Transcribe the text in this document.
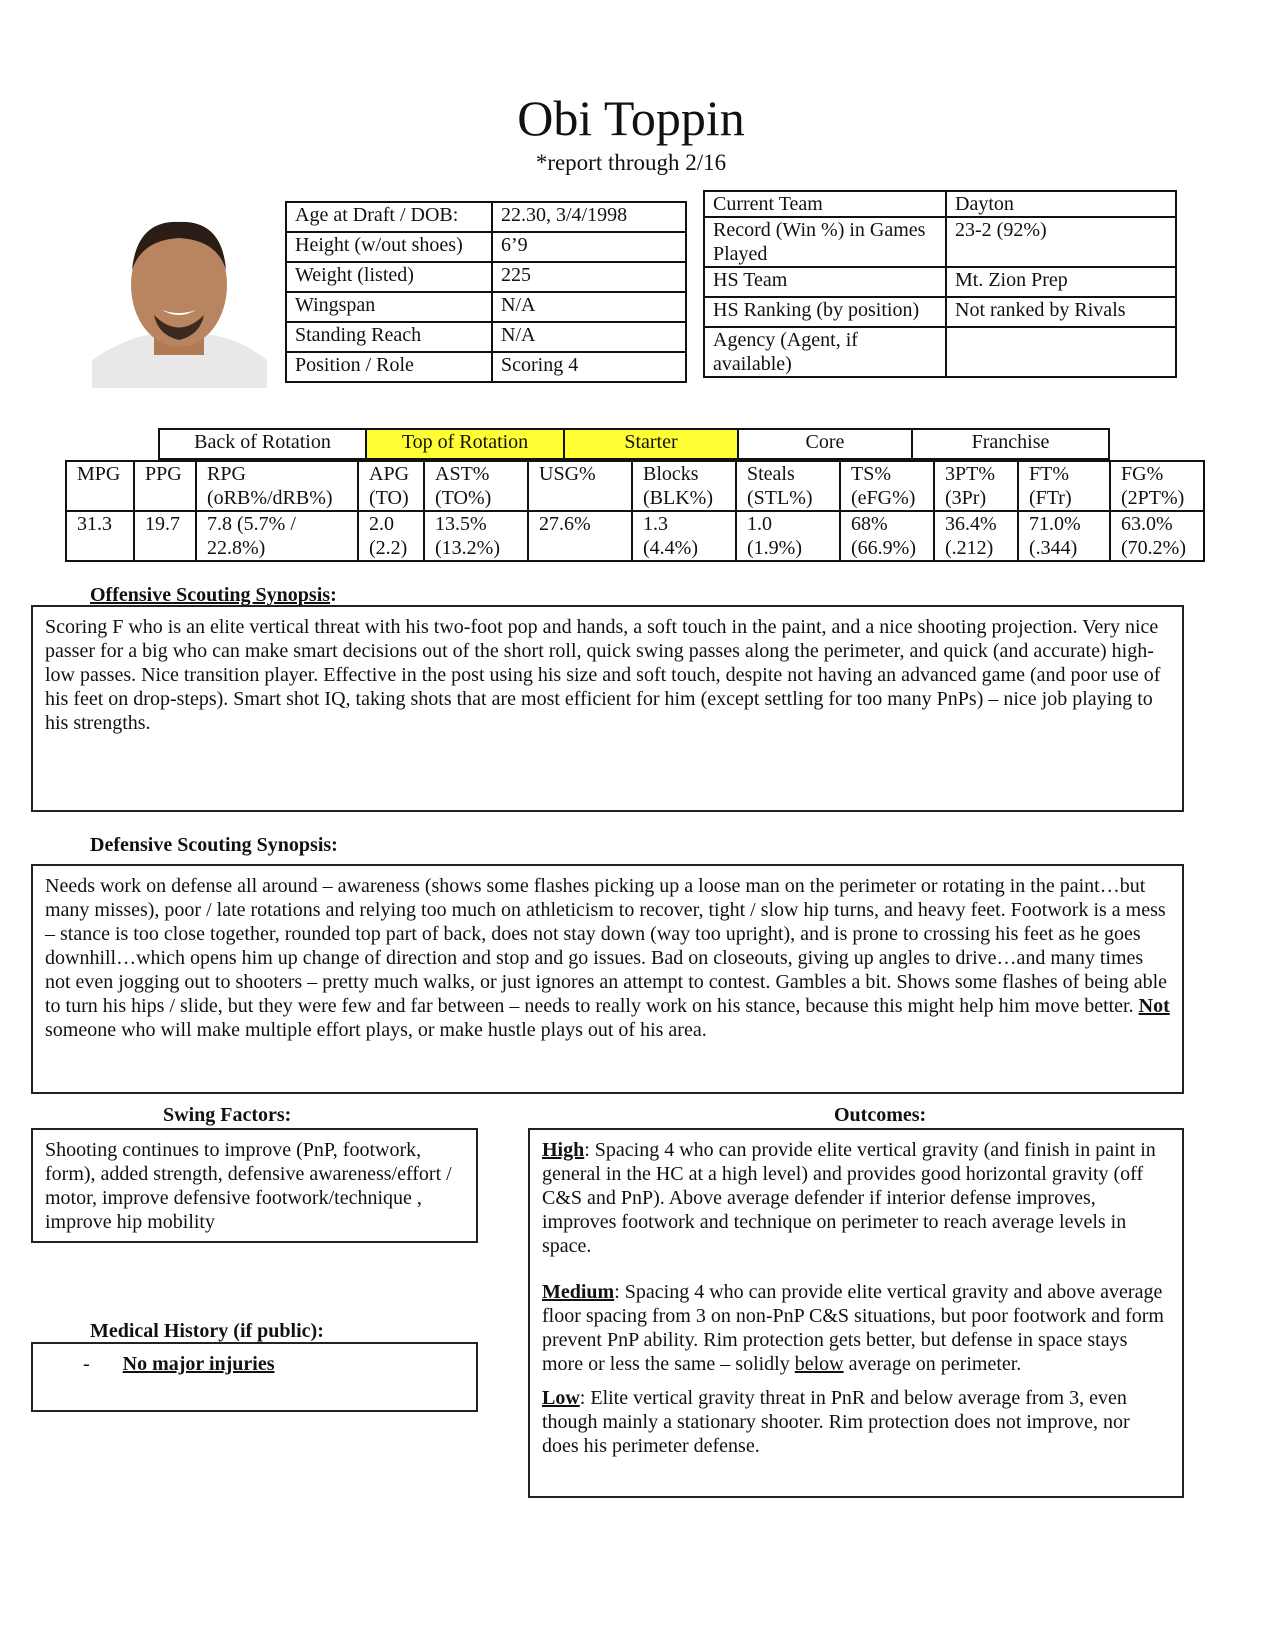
Obi Toppin
*report through 2/16
Age at Draft / DOB:	22.30, 3/4/1998
Height (w/out shoes)	6’9
Weight (listed)	225
Wingspan	N/A
Standing Reach	N/A
Position / Role	Scoring 4
Current Team	Dayton
Record (Win %) in Games Played	23-2 (92%)
HS Team	Mt. Zion Prep
HS Ranking (by position)	Not ranked by Rivals
Agency (Agent, if available)	
Back of Rotation	Top of Rotation	Starter	Core	Franchise
MPG	PPG	RPG (oRB%/dRB%)	APG (TO)	AST% (TO%)	USG%	Blocks (BLK%)	Steals (STL%)	TS% (eFG%)	3PT% (3Pr)	FT% (FTr)	FG% (2PT%)
31.3	19.7	7.8 (5.7% / 22.8%)	2.0 (2.2)	13.5% (13.2%)	27.6%	1.3 (4.4%)	1.0 (1.9%)	68% (66.9%)	36.4% (.212)	71.0% (.344)	63.0% (70.2%)
Offensive Scouting Synopsis:

Scoring F who is an elite vertical threat with his two-foot pop and hands, a soft touch in the paint, and a nice shooting projection. Very nice passer for a big who can make smart decisions out of the short roll, quick swing passes along the perimeter, and quick (and accurate) high-low passes. Nice transition player. Effective in the post using his size and soft touch, despite not having an advanced game (and poor use of his feet on drop-steps). Smart shot IQ, taking shots that are most efficient for him (except settling for too many PnPs) – nice job playing to his strengths.

Defensive Scouting Synopsis:
Needs work on defense all around – awareness (shows some flashes picking up a loose man on the perimeter or rotating in the paint…but many misses), poor / late rotations and relying too much on athleticism to recover, tight / slow hip turns, and heavy feet. Footwork is a mess – stance is too close together, rounded top part of back, does not stay down (way too upright), and is prone to crossing his feet as he goes downhill…which opens him up change of direction and stop and go issues. Bad on closeouts, giving up angles to drive…and many times not even jogging out to shooters – pretty much walks, or just ignores an attempt to contest. Gambles a bit. Shows some flashes of being able to turn his hips / slide, but they were few and far between – needs to really work on his stance, because this might help him move better. Not someone who will make multiple effort plays, or make hustle plays out of his area.
Swing Factors:

Shooting continues to improve (PnP, footwork, form), added strength, defensive awareness/effort / motor, improve defensive footwork/technique , improve hip mobility

Medical History (if public):
- No major injuries
Outcomes:

High: Spacing 4 who can provide elite vertical gravity (and finish in paint in general in the HC at a high level) and provides good horizontal gravity (off C&S and PnP). Above average defender if interior defense improves, improves footwork and technique on perimeter to reach average levels in space.

Medium: Spacing 4 who can provide elite vertical gravity and above average floor spacing from 3 on non-PnP C&S situations, but poor footwork and form prevent PnP ability. Rim protection gets better, but defense in space stays more or less the same – solidly below average on perimeter.

Low: Elite vertical gravity threat in PnR and below average from 3, even though mainly a stationary shooter. Rim protection does not improve, nor does his perimeter defense.
